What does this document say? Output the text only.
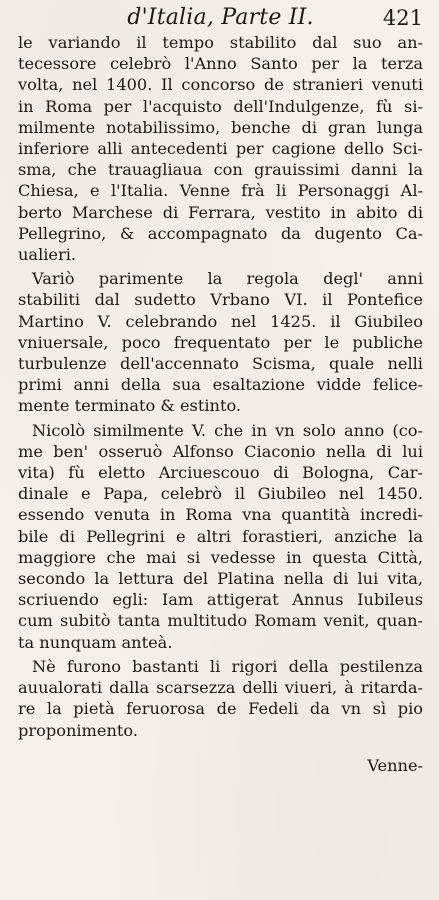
d'Italia, Parte II.	421
le variando il tempo stabilito dal suo an-
tecessore celebrò l'Anno Santo per la terza
volta, nel 1400. Il concorso de stranieri venuti
in Roma per l'acquisto dell'Indulgenze, fù si-
milmente notabilissimo, benche di gran lunga
inferiore alli antecedenti per cagione dello Sci-
sma, che trauagliaua con grauissimi danni la
Chiesa, e l'Italia. Venne frà li Personaggi Al-
berto Marchese di Ferrara, vestito in abito di
Pellegrino, & accompagnato da dugento Ca-
ualieri.
Variò parimente la regola degl' anni
stabiliti dal sudetto Vrbano VI. il Pontefice
Martino V. celebrando nel 1425. il Giubileo
vniuersale, poco frequentato per le publiche
turbulenze dell'accennato Scisma, quale nelli
primi anni della sua esaltazione vidde felice-
mente terminato & estinto.
Nicolò similmente V. che in vn solo anno (co-
me ben' osseruò Alfonso Ciaconio nella di lui
vita) fù eletto Arciuescouo di Bologna, Car-
dinale e Papa, celebrò il Giubileo nel 1450.
essendo venuta in Roma vna quantità incredi-
bile di Pellegrini e altri forastieri, anziche la
maggiore che mai si vedesse in questa Città,
secondo la lettura del Platina nella di lui vita,
scriuendo egli: Iam attigerat Annus Iubileus
cum subitò tanta multitudo Romam venit, quan-
ta nunquam anteà.
Nè furono bastanti li rigori della pestilenza
auualorati dalla scarsezza delli viueri, à ritarda-
re la pietà feruorosa de Fedeli da vn sì pio
proponimento.
Venne-
